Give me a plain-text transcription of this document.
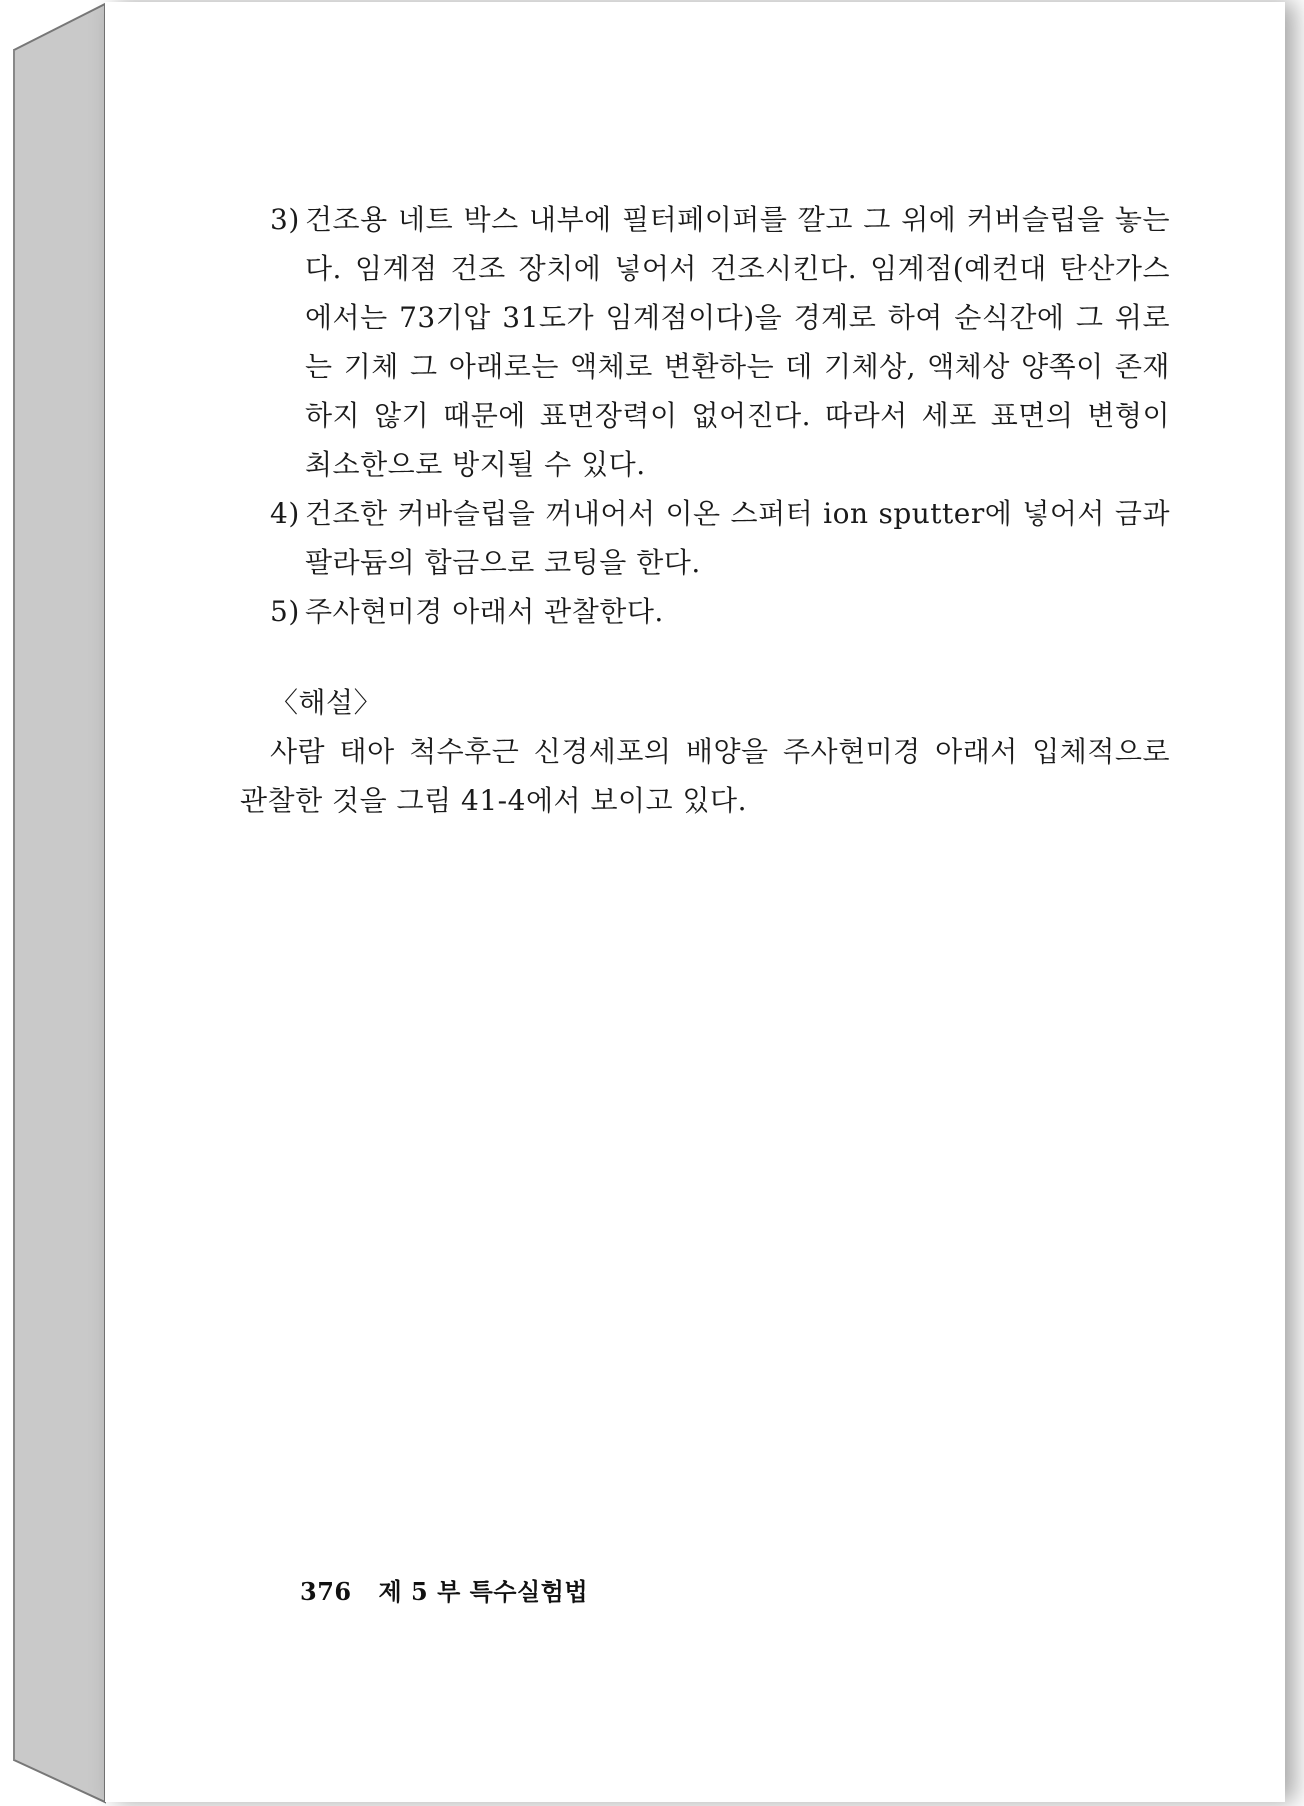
3) 건조용 네트 박스 내부에 필터페이퍼를 깔고 그 위에 커버슬립을 놓는다. 임계점 건조 장치에 넣어서 건조시킨다. 임계점(예컨대 탄산가스에서는 73기압 31도가 임계점이다)을 경계로 하여 순식간에 그 위로는 기체 그 아래로는 액체로 변환하는 데 기체상, 액체상 양쪽이 존재하지 않기 때문에 표면장력이 없어진다. 따라서 세포 표면의 변형이 최소한으로 방지될 수 있다.
4) 건조한 커바슬립을 꺼내어서 이온 스퍼터 ion sputter에 넣어서 금과 팔라듐의 합금으로 코팅을 한다.
5) 주사현미경 아래서 관찰한다.
〈해설〉
사람 태아 척수후근 신경세포의 배양을 주사현미경 아래서 입체적으로 관찰한 것을 그림 41-4에서 보이고 있다.
376 제 5 부 특수실험법
